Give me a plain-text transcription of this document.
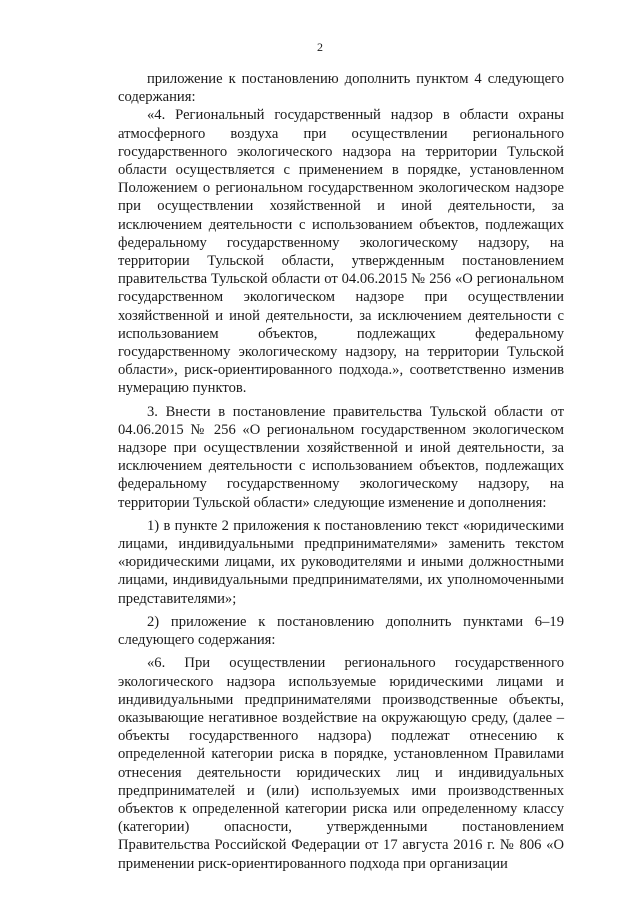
2

приложение к постановлению дополнить пунктом 4 следующего содержания:

«4. Региональный государственный надзор в области охраны атмосферного воздуха при осуществлении регионального государственного экологического надзора на территории Тульской области осуществляется с применением в порядке, установленном Положением о региональном государственном экологическом надзоре при осуществлении хозяйственной и иной деятельности, за исключением деятельности с использованием объектов, подлежащих федеральному государственному экологическому надзору, на территории Тульской области, утвержденным постановлением правительства Тульской области от 04.06.2015 № 256 «О региональном государственном экологическом надзоре при осуществлении хозяйственной и иной деятельности, за исключением деятельности с использованием объектов, подлежащих федеральному государственному экологическому надзору, на территории Тульской области», риск-ориентированного подхода.», соответственно изменив нумерацию пунктов.

3. Внести в постановление правительства Тульской области от 04.06.2015 № 256 «О региональном государственном экологическом надзоре при осуществлении хозяйственной и иной деятельности, за исключением деятельности с использованием объектов, подлежащих федеральному государственному экологическому надзору, на территории Тульской области» следующие изменение и дополнения:

1) в пункте 2 приложения к постановлению текст «юридическими лицами, индивидуальными предпринимателями» заменить текстом «юридическими лицами, их руководителями и иными должностными лицами, индивидуальными предпринимателями, их уполномоченными представителями»;

2) приложение к постановлению дополнить пунктами 6–19 следующего содержания:

«6. При осуществлении регионального государственного экологического надзора используемые юридическими лицами и индивидуальными предпринимателями производственные объекты, оказывающие негативное воздействие на окружающую среду, (далее – объекты государственного надзора) подлежат отнесению к определенной категории риска в порядке, установленном Правилами отнесения деятельности юридических лиц и индивидуальных предпринимателей и (или) используемых ими производственных объектов к определенной категории риска или определенному классу (категории) опасности, утвержденными постановлением Правительства Российской Федерации от 17 августа 2016 г. № 806 «О применении риск-ориентированного подхода при организации
